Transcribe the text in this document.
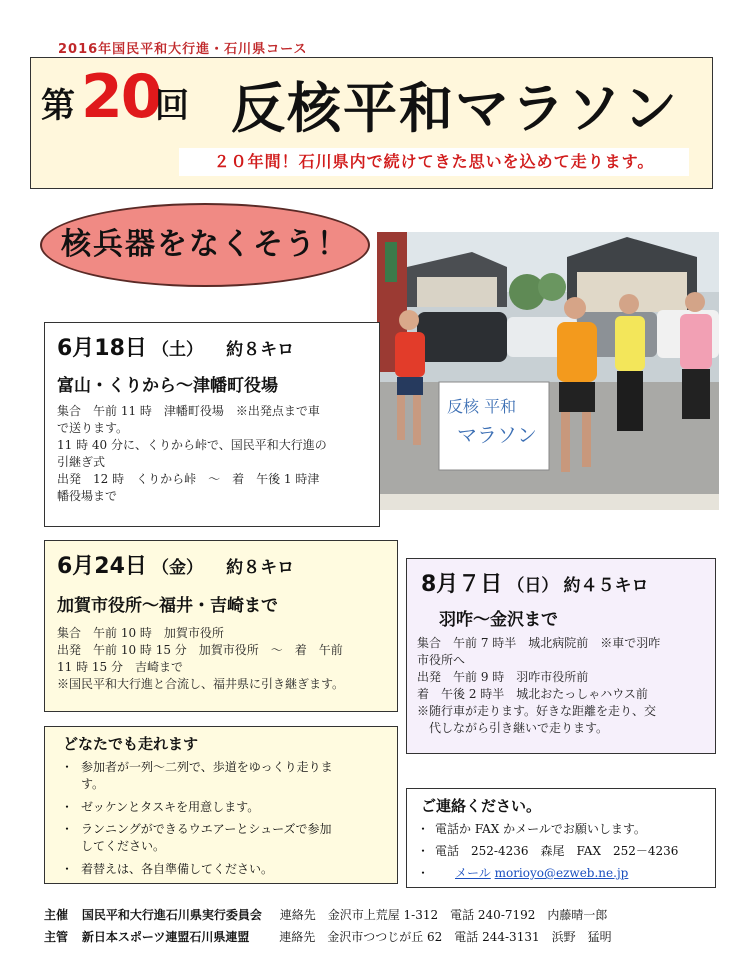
2016年国民平和大行進・石川県コース
第 20
回 反核平和マラソン
２０年間！石川県内で続けてきた思いを込めて走ります。
核兵器をなくそう！
反核 平和
マラソン
6月18日 （土） 約８キロ
富山・くりから～津幡町役場
集合　午前 11 時　津幡町役場　※出発点まで車
で送ります。
11 時 40 分に、くりから峠で、国民平和大行進の
引継ぎ式
出発　12 時　くりから峠　～　着　午後 1 時津
幡役場まで
6月24日 （金） 約８キロ
加賀市役所～福井・吉崎まで
集合　午前 10 時　加賀市役所
出発　午前 10 時 15 分　加賀市役所　～　着　午前
11 時 15 分　吉崎まで
※国民平和大行進と合流し、福井県に引き継ぎます。
8月７日 （日） 約４５キロ
羽咋～金沢まで
集合　午前 7 時半　城北病院前　※車で羽咋
市役所へ
出発　午前 9 時　羽咋市役所前
着　午後 2 時半　城北おたっしゃハウス前
※随行車が走ります。好きな距離を走り、交
　代しながら引き継いで走ります。
どなたでも走れます
・ 参加者が一列～二列で、歩道をゆっくり走りま
す。
・ ゼッケンとタスキを用意します。
・ ランニングができるウエアーとシューズで参加
してください。
・ 着替えは、各自準備してください。
ご連絡ください。
・ 電話か FAX かメールでお願いします。
・ 電話　252-4236　森尾　FAX　252－4236
・ メール morioyo@ezweb.ne.jp
主催 国民平和大行進石川県実行委員会 連絡先　金沢市上荒屋 1-312　電話 240-7192　内藤晴一郎
主管 新日本スポーツ連盟石川県連盟 連絡先　金沢市つつじが丘 62　電話 244-3131　浜野　猛明
